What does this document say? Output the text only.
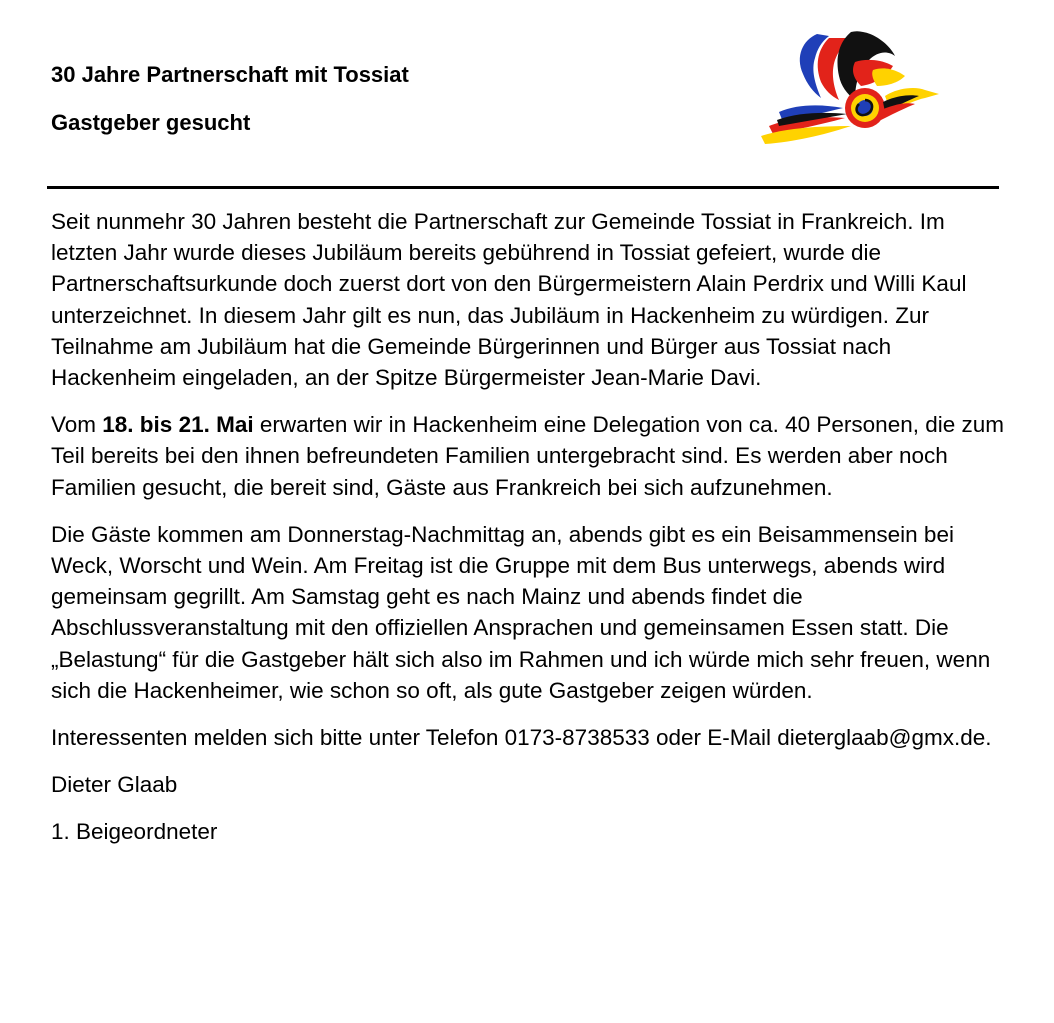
30 Jahre Partnerschaft mit Tossiat
Gastgeber gesucht

Seit nunmehr 30 Jahren besteht die Partnerschaft zur Gemeinde Tossiat in Frankreich. Im letzten Jahr wurde dieses Jubiläum bereits gebührend in Tossiat gefeiert, wurde die Partnerschaftsurkunde doch zuerst dort von den Bürgermeistern Alain Perdrix und Willi Kaul unterzeichnet. In diesem Jahr gilt es nun, das Jubiläum in Hackenheim zu würdigen. Zur Teilnahme am Jubiläum hat die Gemeinde Bürgerinnen und Bürger aus Tossiat nach Hackenheim eingeladen, an der Spitze Bürgermeister Jean-Marie Davi.

Vom 18. bis 21. Mai erwarten wir in Hackenheim eine Delegation von ca. 40 Personen, die zum Teil bereits bei den ihnen befreundeten Familien untergebracht sind. Es werden aber noch Familien gesucht, die bereit sind, Gäste aus Frankreich bei sich aufzunehmen.

Die Gäste kommen am Donnerstag-Nachmittag an, abends gibt es ein Beisammensein bei Weck, Worscht und Wein. Am Freitag ist die Gruppe mit dem Bus unterwegs, abends wird gemeinsam gegrillt. Am Samstag geht es nach Mainz und abends findet die Abschlussveranstaltung mit den offiziellen Ansprachen und gemeinsamen Essen statt. Die „Belastung“ für die Gastgeber hält sich also im Rahmen und ich würde mich sehr freuen, wenn sich die Hackenheimer, wie schon so oft, als gute Gastgeber zeigen würden.

Interessenten melden sich bitte unter Telefon 0173-8738533 oder E-Mail dieterglaab@gmx.de.

Dieter Glaab

1. Beigeordneter
